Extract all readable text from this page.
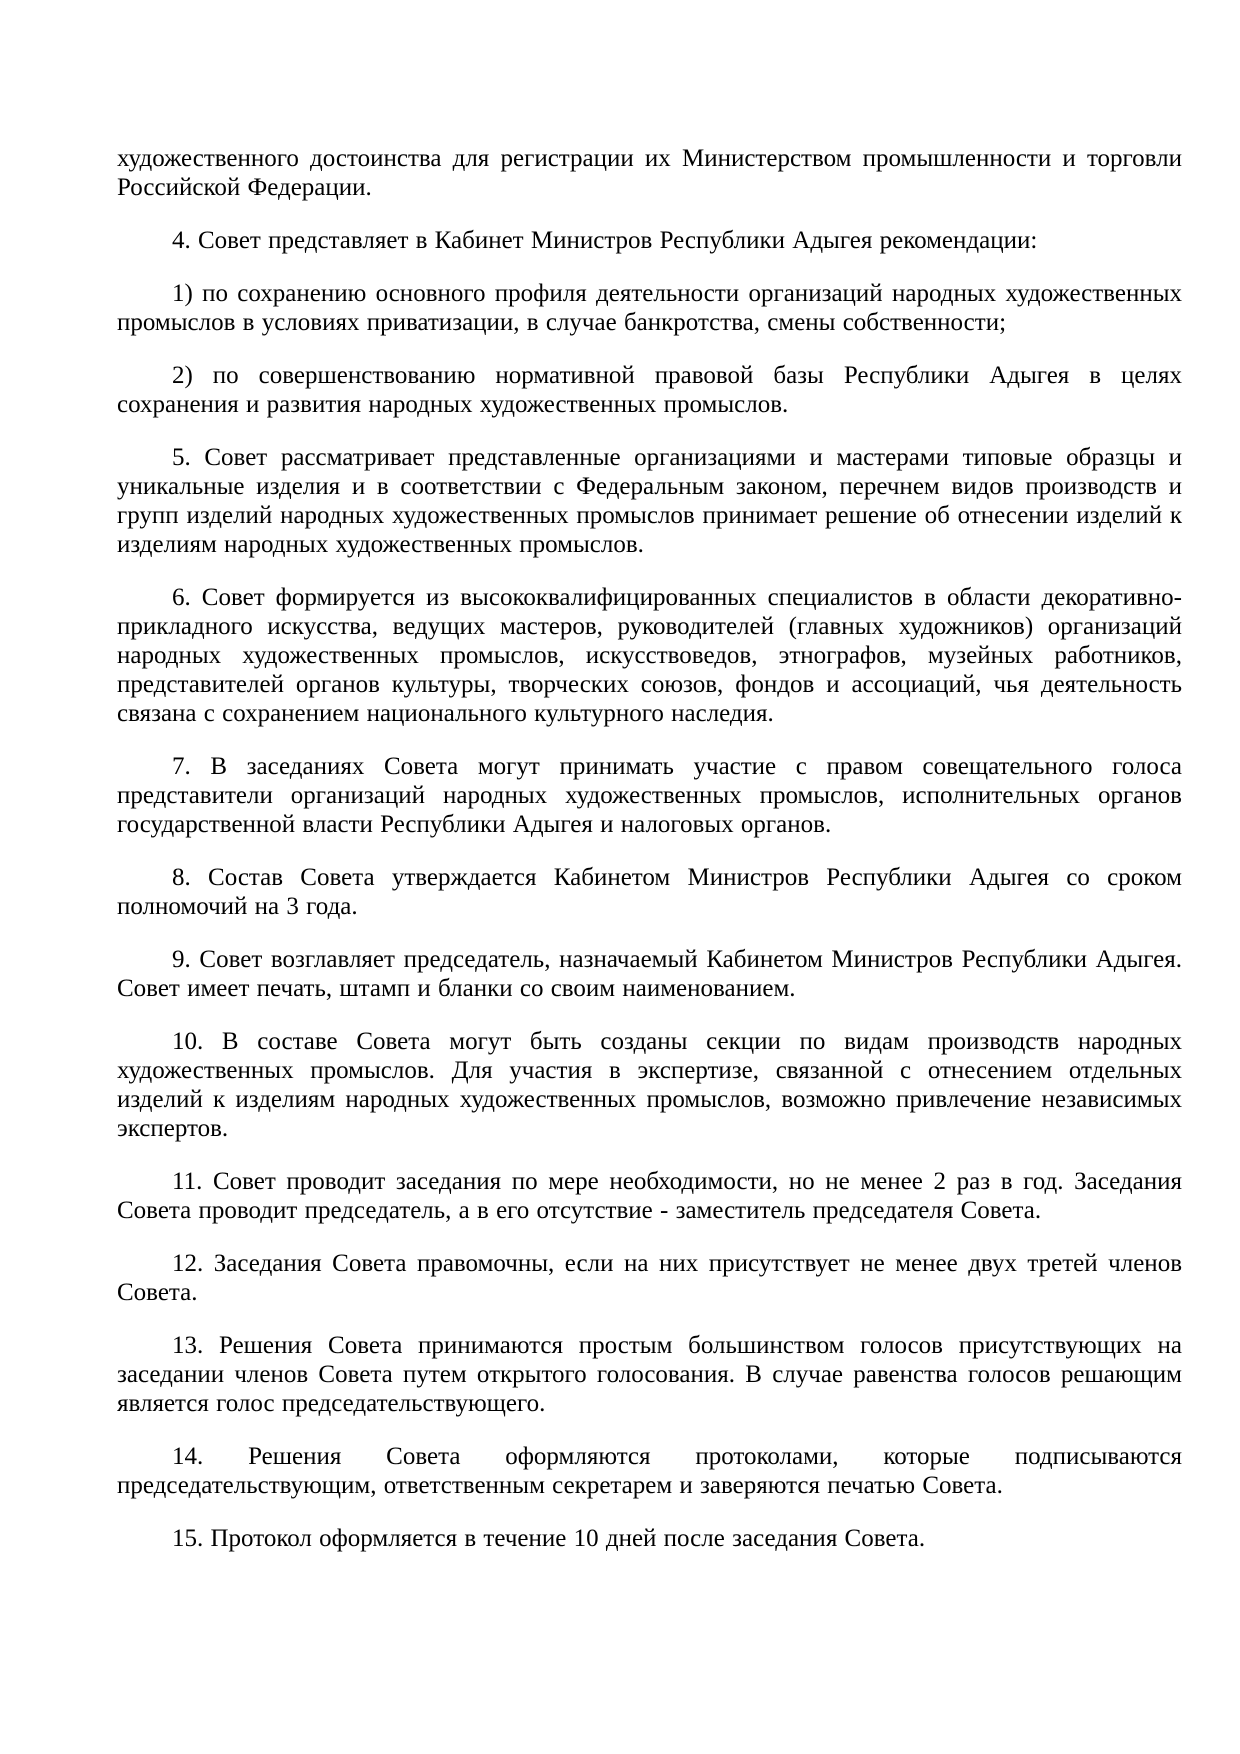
художественного достоинства для регистрации их Министерством промышленности и торговли Российской Федерации.

4. Совет представляет в Кабинет Министров Республики Адыгея рекомендации:

1) по сохранению основного профиля деятельности организаций народных художественных промыслов в условиях приватизации, в случае банкротства, смены собственности;

2) по совершенствованию нормативной правовой базы Республики Адыгея в целях сохранения и развития народных художественных промыслов.

5. Совет рассматривает представленные организациями и мастерами типовые образцы и уникальные изделия и в соответствии с Федеральным законом, перечнем видов производств и групп изделий народных художественных промыслов принимает решение об отнесении изделий к изделиям народных художественных промыслов.

6. Совет формируется из высококвалифицированных специалистов в области декоративно-прикладного искусства, ведущих мастеров, руководителей (главных художников) организаций народных художественных промыслов, искусствоведов, этнографов, музейных работников, представителей органов культуры, творческих союзов, фондов и ассоциаций, чья деятельность связана с сохранением национального культурного наследия.

7. В заседаниях Совета могут принимать участие с правом совещательного голоса представители организаций народных художественных промыслов, исполнительных органов государственной власти Республики Адыгея и налоговых органов.

8. Состав Совета утверждается Кабинетом Министров Республики Адыгея со сроком полномочий на 3 года.

9. Совет возглавляет председатель, назначаемый Кабинетом Министров Республики Адыгея. Совет имеет печать, штамп и бланки со своим наименованием.

10. В составе Совета могут быть созданы секции по видам производств народных художественных промыслов. Для участия в экспертизе, связанной с отнесением отдельных изделий к изделиям народных художественных промыслов, возможно привлечение независимых экспертов.

11. Совет проводит заседания по мере необходимости, но не менее 2 раз в год. Заседания Совета проводит председатель, а в его отсутствие - заместитель председателя Совета.

12. Заседания Совета правомочны, если на них присутствует не менее двух третей членов Совета.

13. Решения Совета принимаются простым большинством голосов присутствующих на заседании членов Совета путем открытого голосования. В случае равенства голосов решающим является голос председательствующего.

14. Решения Совета оформляются протоколами, которые подписываются председательствующим, ответственным секретарем и заверяются печатью Совета.

15. Протокол оформляется в течение 10 дней после заседания Совета.
